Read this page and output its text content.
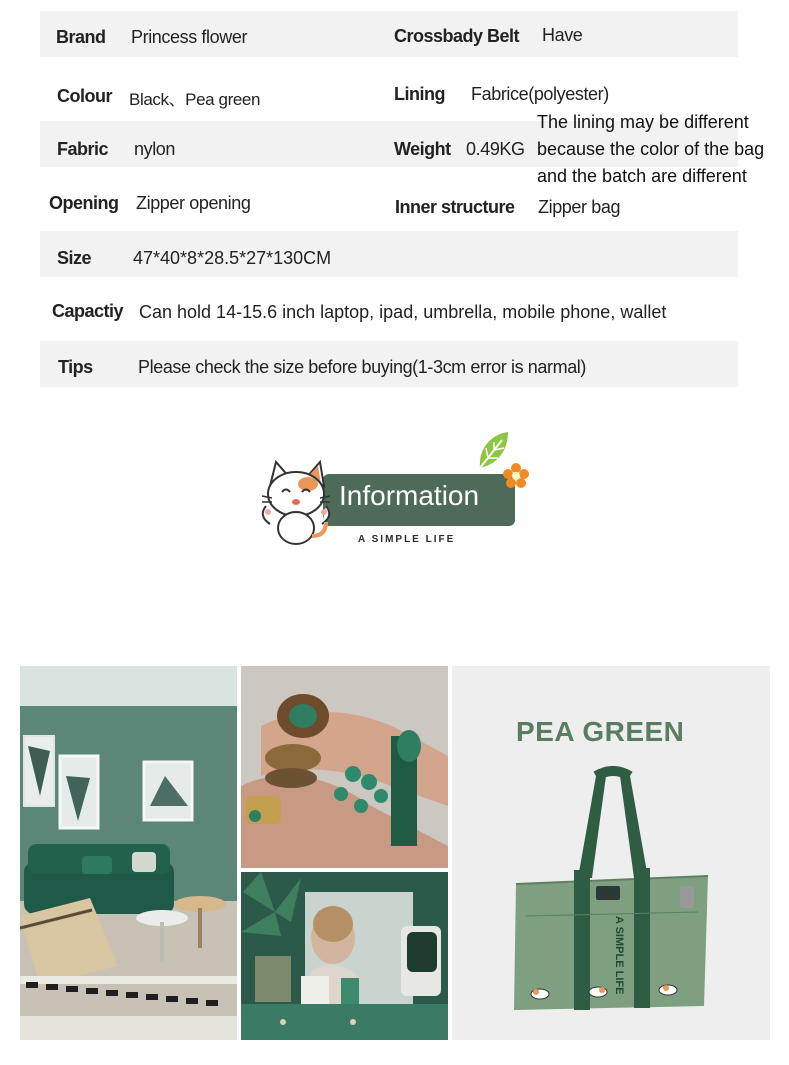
Brand Princess flower	Crossbady Belt Have
Colour Black、Pea green	Lining Fabrice(polyester)
Fabric nylon	Weight 0.49KG
The lining may be different because the color of the bag and the batch are different
Opening Zipper opening	Inner structure Zipper bag
Size 47*40*8*28.5*27*130CM
Capactiy Can hold 14-15.6 inch laptop, ipad, umbrella, mobile phone, wallet
Tips	Please check the size before buying(1-3cm error is narmal)
Information
A SIMPLE LIFE
A SIMPLE LIFE
PEA GREEN
